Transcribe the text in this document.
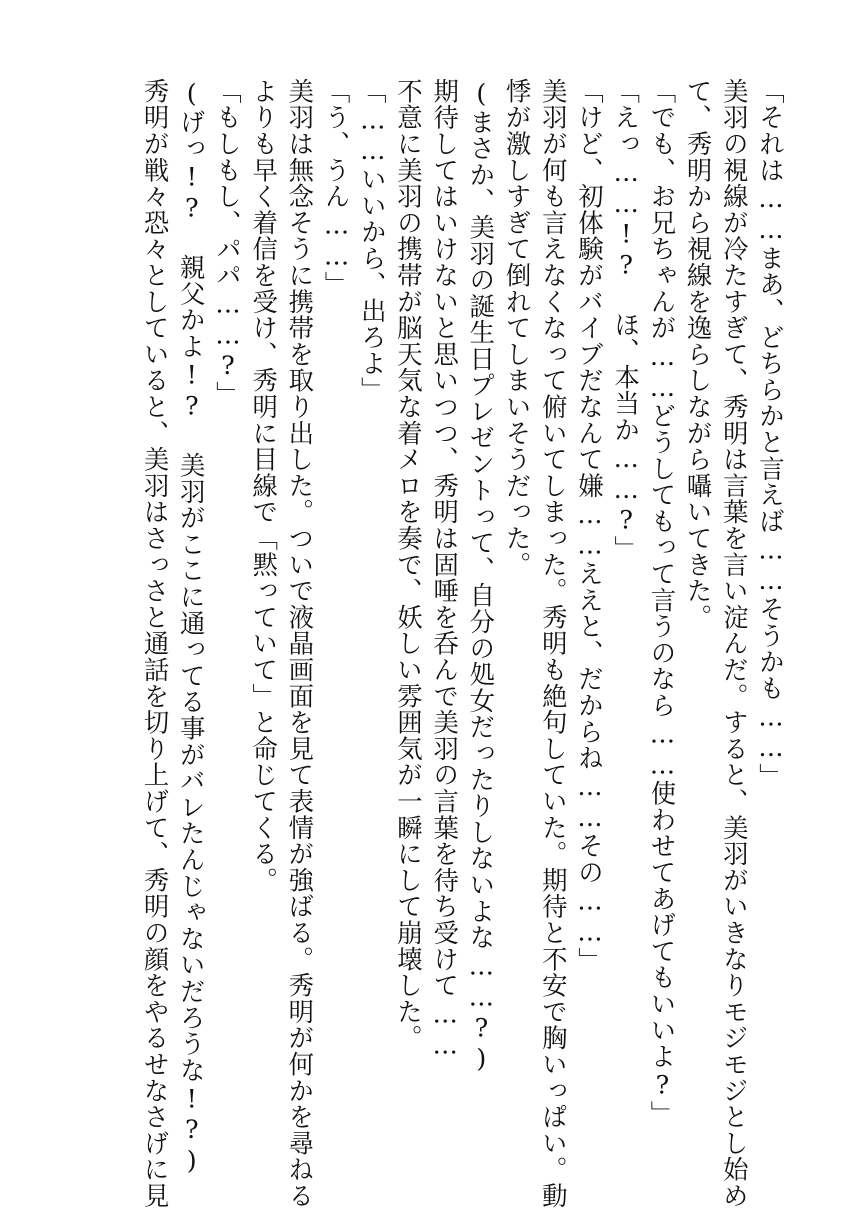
「それは……まあ、どちらかと言えば……そうかも……」
美羽の視線が冷たすぎて、秀明は言葉を言い淀んだ。すると、美羽がいきなりモジモジとし始め
て、秀明から視線を逸らしながら囁いてきた。
「でも、お兄ちゃんが……どうしてもって言うのなら……使わせてあげてもいいよ?」
「えっ……!? ほ、本当か……?」
「けど、初体験がバイブだなんて嫌……ええと、だからね……その……」
美羽が何も言えなくなって俯いてしまった。秀明も絶句していた。期待と不安で胸いっぱい。動
悸が激しすぎて倒れてしまいそうだった。
(まさか、美羽の誕生日プレゼントって、自分の処女だったりしないよな……?)
期待してはいけないと思いつつ、秀明は固唾を呑んで美羽の言葉を待ち受けて……
不意に美羽の携帯が脳天気な着メロを奏で、妖しい雰囲気が一瞬にして崩壊した。
「……いいから、出ろよ」
「う、うん……」
美羽は無念そうに携帯を取り出した。ついで液晶画面を見て表情が強ばる。秀明が何かを尋ねる
よりも早く着信を受け、秀明に目線で「黙っていて」と命じてくる。
「もしもし、パパ……?」
(げっ!? 親父かよ!? 美羽がここに通ってる事がバレたんじゃないだろうな!?)
秀明が戦々恐々としていると、美羽はさっさと通話を切り上げて、秀明の顔をやるせなさげに見
